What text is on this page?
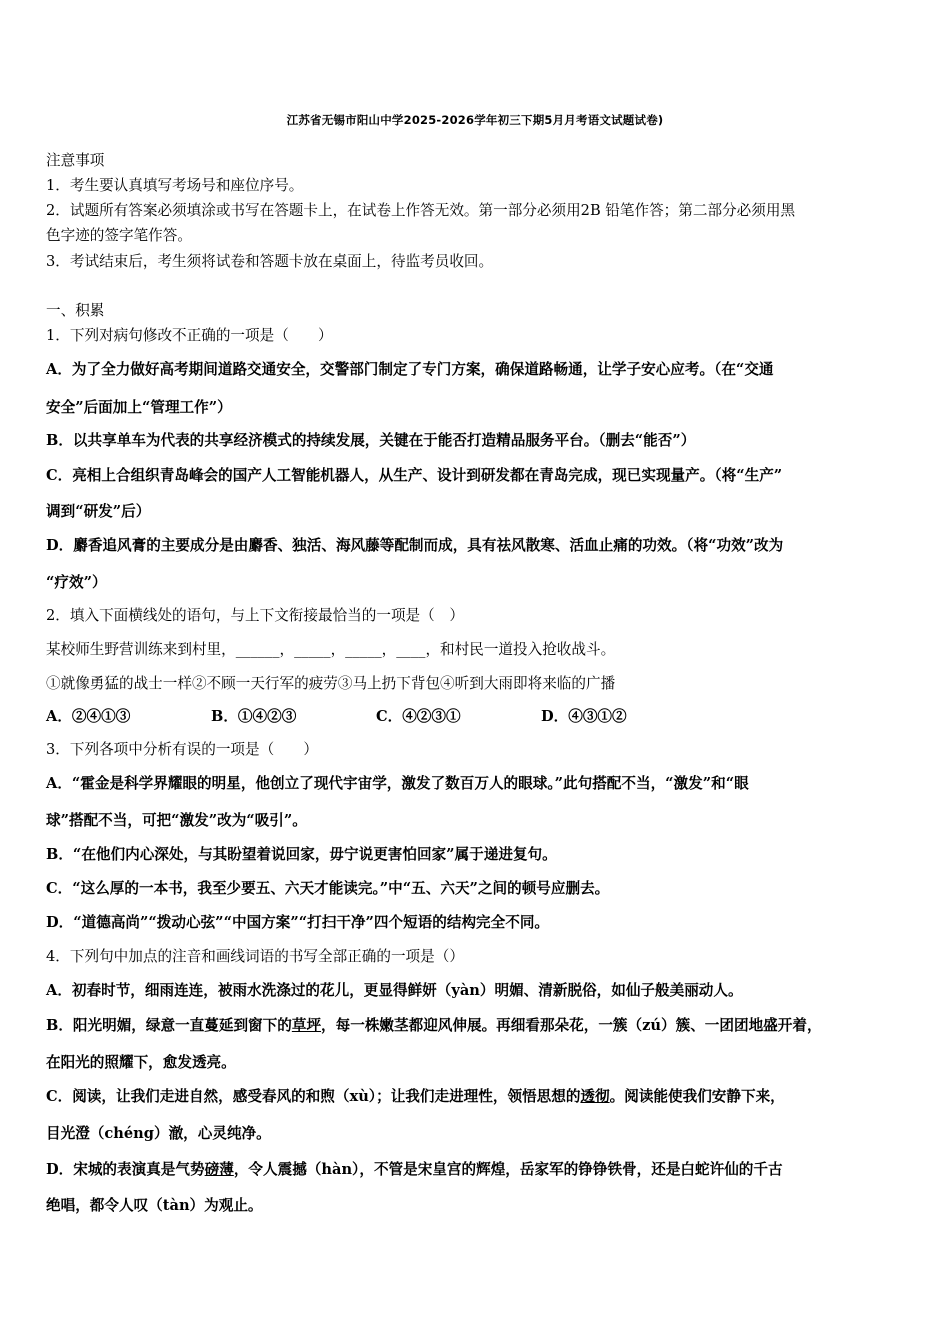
江苏省无锡市阳山中学2025-2026学年初三下期5月月考语文试题试卷)
注意事项
1．考生要认真填写考场号和座位序号。
2．试题所有答案必须填涂或书写在答题卡上，在试卷上作答无效。第一部分必须用2B 铅笔作答；第二部分必须用黑
色字迹的签字笔作答。
3．考试结束后，考生须将试卷和答题卡放在桌面上，待监考员收回。
一、积累
1．下列对病句修改不正确的一项是（　　）
A．为了全力做好高考期间道路交通安全，交警部门制定了专门方案，确保道路畅通，让学子安心应考。（在“交通
安全”后面加上“管理工作”）
B．以共享单车为代表的共享经济模式的持续发展，关键在于能否打造精品服务平台。（删去“能否”）
C．亮相上合组织青岛峰会的国产人工智能机器人，从生产、设计到研发都在青岛完成，现已实现量产。（将“生产”
调到“研发”后）
D．麝香追风膏的主要成分是由麝香、独活、海风藤等配制而成，具有祛风散寒、活血止痛的功效。（将“功效”改为
“疗效”）
2．填入下面横线处的语句，与上下文衔接最恰当的一项是（　）
某校师生野营训练来到村里，______，_____，_____，____，和村民一道投入抢收战斗。
①就像勇猛的战士一样②不顾一天行军的疲劳③马上扔下背包④听到大雨即将来临的广播
A．②④①③	B．①④②③	C．④②③①	D．④③①②
3．下列各项中分析有误的一项是（　　）
A．“霍金是科学界耀眼的明星，他创立了现代宇宙学，激发了数百万人的眼球。”此句搭配不当，“激发”和“眼
球”搭配不当，可把“激发”改为“吸引”。
B．“在他们内心深处，与其盼望着说回家，毋宁说更害怕回家”属于递进复句。
C．“这么厚的一本书，我至少要五、六天才能读完。”中“五、六天”之间的顿号应删去。
D．“道德高尚”“拨动心弦”“中国方案”“打扫干净”四个短语的结构完全不同。
4．下列句中加点的注音和画线词语的书写全部正确的一项是（）
A．初春时节，细雨连连，被雨水洗涤过的花儿，更显得鲜妍（yàn）明媚、清新脱俗，如仙子般美丽动人。
B．阳光明媚，绿意一直蔓延到窗下的草坪，每一株嫩茎都迎风伸展。再细看那朵花，一簇（zú）簇、一团团地盛开着，
在阳光的照耀下，愈发透亮。
C．阅读，让我们走进自然，感受春风的和煦（xù）；让我们走进理性，领悟思想的透彻。阅读能使我们安静下来，
目光澄（chéng）澈，心灵纯净。
D．宋城的表演真是气势磅薄，令人震撼（hàn），不管是宋皇宫的辉煌，岳家军的铮铮铁骨，还是白蛇许仙的千古
绝唱，都令人叹（tàn）为观止。
